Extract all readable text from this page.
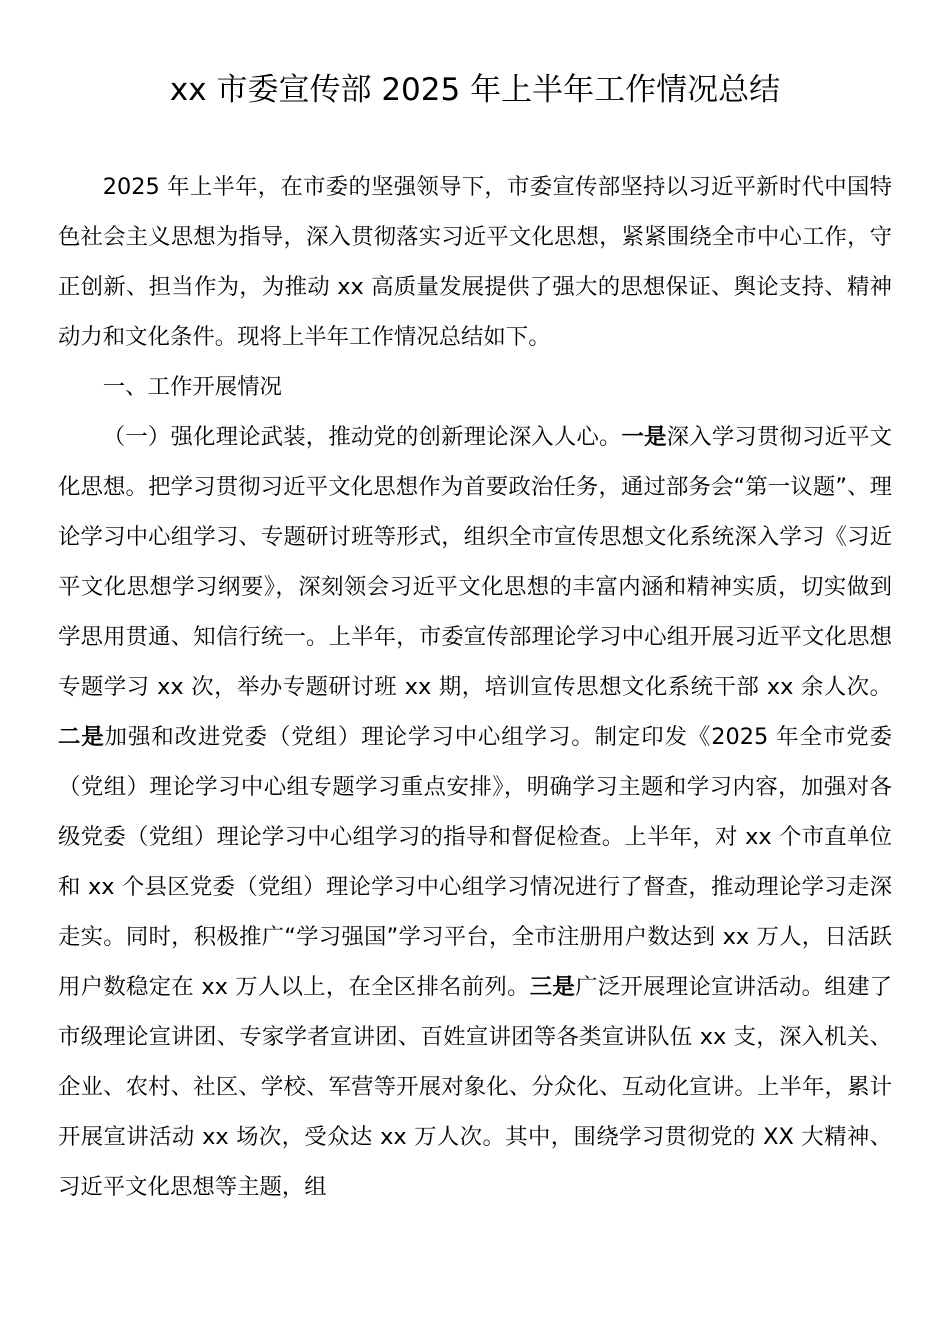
xx 市委宣传部 2025 年上半年工作情况总结

2025 年上半年，在市委的坚强领导下，市委宣传部坚持以习近平新时代中国特色社会主义思想为指导，深入贯彻落实习近平文化思想，紧紧围绕全市中心工作，守正创新、担当作为，为推动 xx 高质量发展提供了强大的思想保证、舆论支持、精神动力和文化条件。现将上半年工作情况总结如下。

一、工作开展情况

（一）强化理论武装，推动党的创新理论深入人心。一是深入学习贯彻习近平文化思想。把学习贯彻习近平文化思想作为首要政治任务，通过部务会“第一议题”、理论学习中心组学习、专题研讨班等形式，组织全市宣传思想文化系统深入学习《习近平文化思想学习纲要》，深刻领会习近平文化思想的丰富内涵和精神实质，切实做到学思用贯通、知信行统一。上半年，市委宣传部理论学习中心组开展习近平文化思想专题学习 xx 次，举办专题研讨班 xx 期，培训宣传思想文化系统干部 xx 余人次。二是加强和改进党委（党组）理论学习中心组学习。制定印发《2025 年全市党委（党组）理论学习中心组专题学习重点安排》，明确学习主题和学习内容，加强对各级党委（党组）理论学习中心组学习的指导和督促检查。上半年，对 xx 个市直单位和 xx 个县区党委（党组）理论学习中心组学习情况进行了督查，推动理论学习走深走实。同时，积极推广“学习强国”学习平台，全市注册用户数达到 xx 万人，日活跃用户数稳定在 xx 万人以上，在全区排名前列。三是广泛开展理论宣讲活动。组建了市级理论宣讲团、专家学者宣讲团、百姓宣讲团等各类宣讲队伍 xx 支，深入机关、企业、农村、社区、学校、军营等开展对象化、分众化、互动化宣讲。上半年，累计开展宣讲活动 xx 场次，受众达 xx 万人次。其中，围绕学习贯彻党的 XX 大精神、习近平文化思想等主题，组
